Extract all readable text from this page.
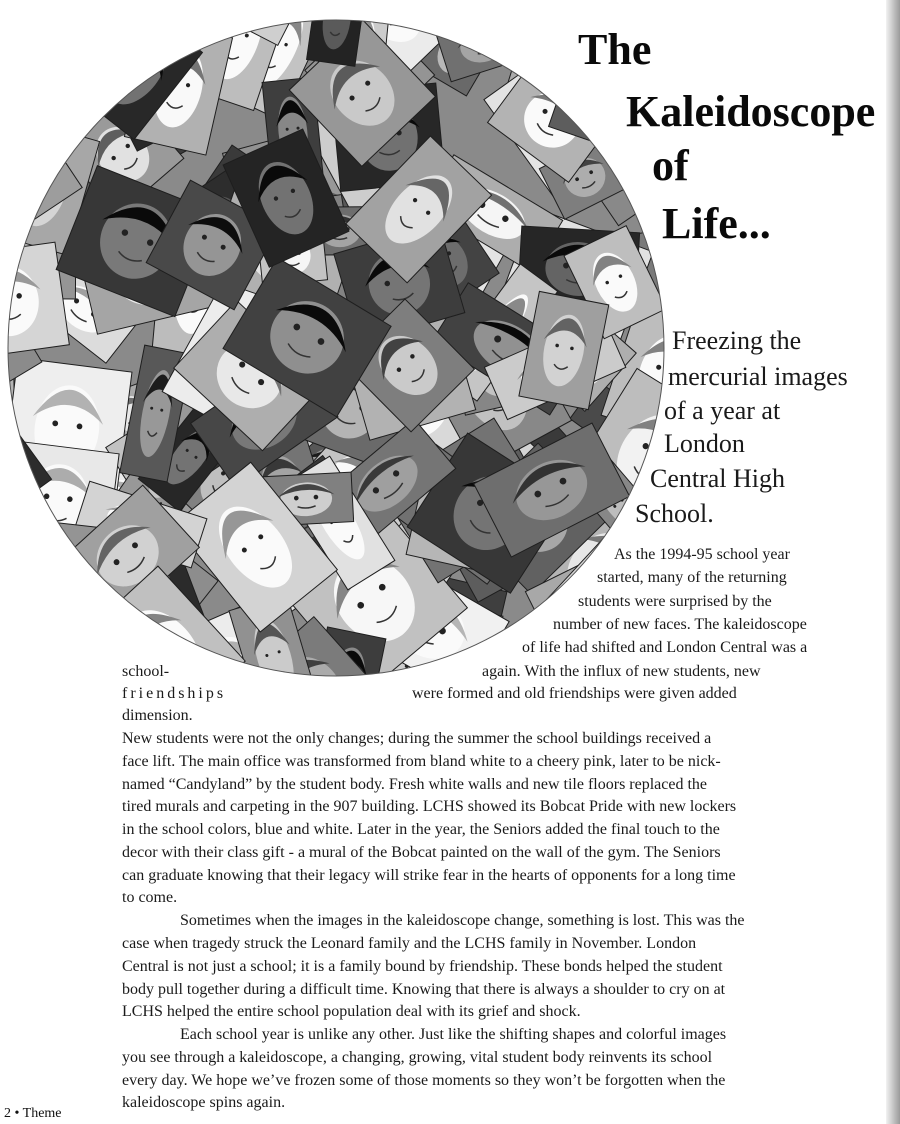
The
Kaleidoscope
of
Life...
Freezing the
mercurial images
of a year at
London
Central High
School.
As the 1994-95 school year
started, many of the returning
students were surprised by the
number of new faces. The kaleidoscope
of life had shifted and London Central was a
again. With the influx of new students, new
were formed and old friendships were given added
school-
friendships
dimension.
New students were not the only changes; during the summer the school buildings received a
face lift. The main office was transformed from bland white to a cheery pink, later to be nick-
named “Candyland” by the student body. Fresh white walls and new tile floors replaced the
tired murals and carpeting in the 907 building. LCHS showed its Bobcat Pride with new lockers
in the school colors, blue and white. Later in the year, the Seniors added the final touch to the
decor with their class gift - a mural of the Bobcat painted on the wall of the gym. The Seniors
can graduate knowing that their legacy will strike fear in the hearts of opponents for a long time
to come.
Sometimes when the images in the kaleidoscope change, something is lost. This was the
case when tragedy struck the Leonard family and the LCHS family in November. London
Central is not just a school; it is a family bound by friendship. These bonds helped the student
body pull together during a difficult time. Knowing that there is always a shoulder to cry on at
LCHS helped the entire school population deal with its grief and shock.
Each school year is unlike any other. Just like the shifting shapes and colorful images
you see through a kaleidoscope, a changing, growing, vital student body reinvents its school
every day. We hope we’ve frozen some of those moments so they won’t be forgotten when the
kaleidoscope spins again.
2 • Theme
